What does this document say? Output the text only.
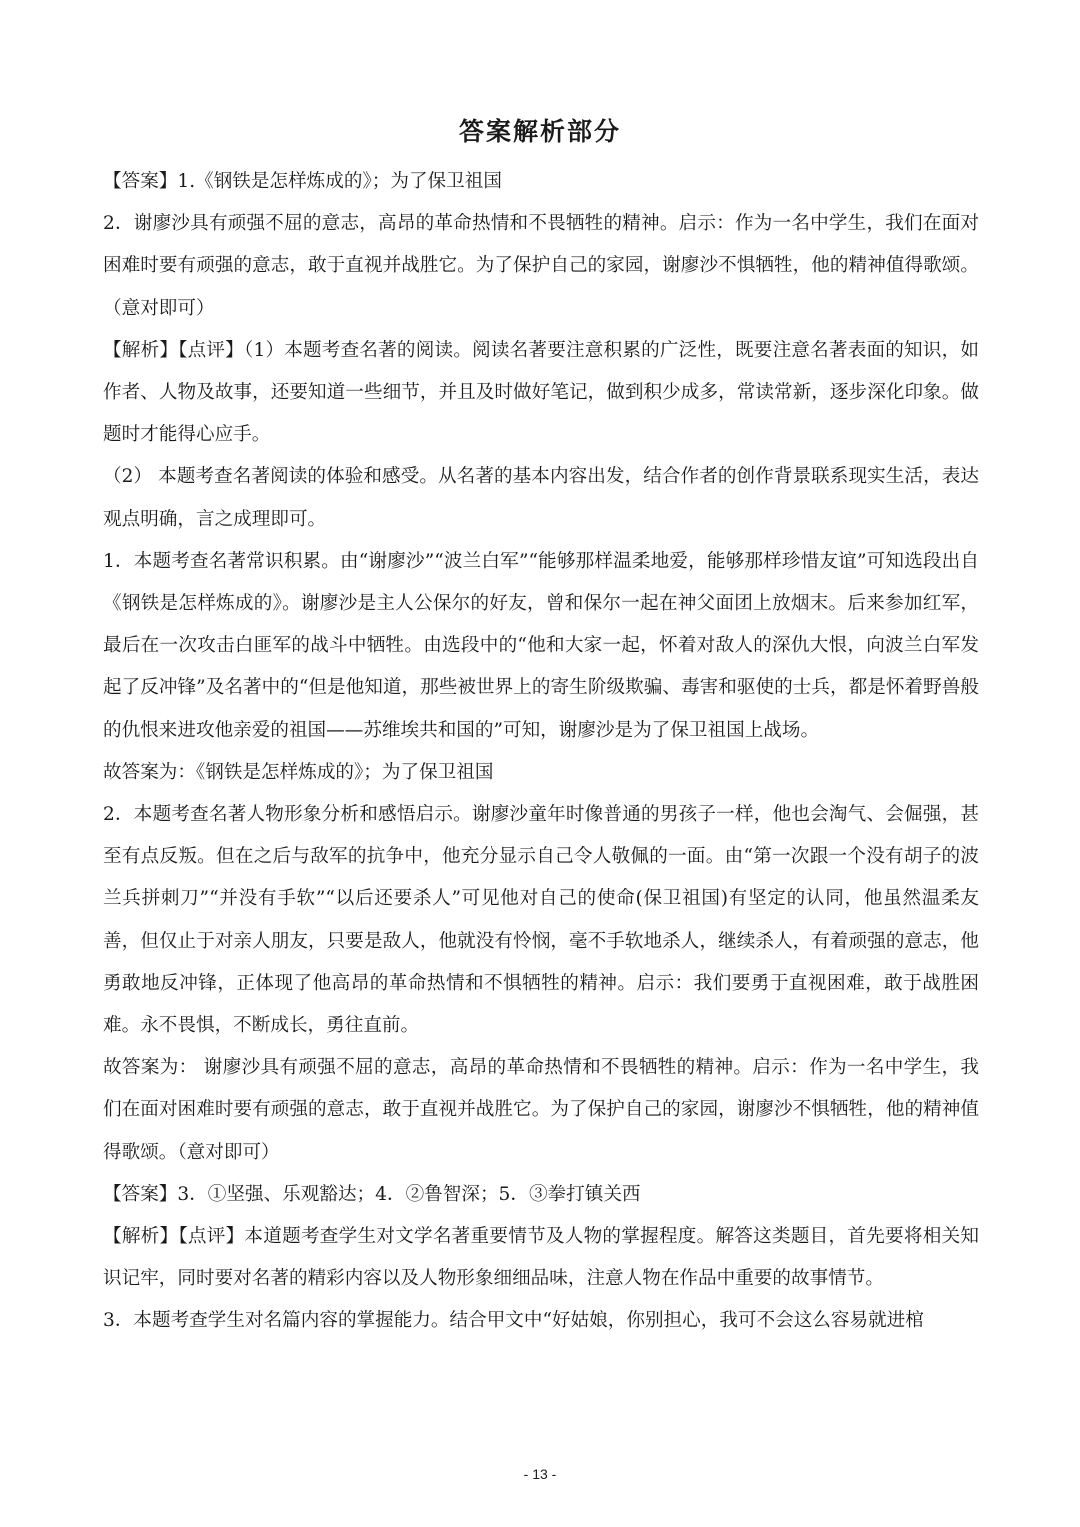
答案解析部分

【答案】1.《钢铁是怎样炼成的》；为了保卫祖国

2．谢廖沙具有顽强不屈的意志，高昂的革命热情和不畏牺牲的精神。启示：作为一名中学生，我们在面对困难时要有顽强的意志，敢于直视并战胜它。为了保护自己的家园，谢廖沙不惧牺牲，他的精神值得歌颂。（意对即可）

【解析】【点评】（1）本题考查名著的阅读。阅读名著要注意积累的广泛性，既要注意名著表面的知识，如作者、人物及故事，还要知道一些细节，并且及时做好笔记，做到积少成多，常读常新，逐步深化印象。做题时才能得心应手。

（2） 本题考查名著阅读的体验和感受。从名著的基本内容出发，结合作者的创作背景联系现实生活，表达观点明确，言之成理即可。

1．本题考查名著常识积累。由“谢廖沙”“波兰白军”“能够那样温柔地爱，能够那样珍惜友谊”可知选段出自《钢铁是怎样炼成的》。谢廖沙是主人公保尔的好友，曾和保尔一起在神父面团上放烟末。后来参加红军，最后在一次攻击白匪军的战斗中牺牲。由选段中的“他和大家一起，怀着对敌人的深仇大恨，向波兰白军发起了反冲锋”及名著中的“但是他知道，那些被世界上的寄生阶级欺骗、毒害和驱使的士兵，都是怀着野兽般的仇恨来进攻他亲爱的祖国——苏维埃共和国的”可知，谢廖沙是为了保卫祖国上战场。

故答案为：《钢铁是怎样炼成的》；为了保卫祖国

2．本题考查名著人物形象分析和感悟启示。谢廖沙童年时像普通的男孩子一样，他也会淘气、会倔强，甚至有点反叛。但在之后与敌军的抗争中，他充分显示自己令人敬佩的一面。由“第一次跟一个没有胡子的波兰兵拼刺刀”“并没有手软”“以后还要杀人”可见他对自己的使命(保卫祖国)有坚定的认同，他虽然温柔友善，但仅止于对亲人朋友，只要是敌人，他就没有怜悯，毫不手软地杀人，继续杀人，有着顽强的意志，他勇敢地反冲锋，正体现了他高昂的革命热情和不惧牺牲的精神。启示：我们要勇于直视困难，敢于战胜困难。永不畏惧，不断成长，勇往直前。

故答案为： 谢廖沙具有顽强不屈的意志，高昂的革命热情和不畏牺牲的精神。启示：作为一名中学生，我们在面对困难时要有顽强的意志，敢于直视并战胜它。为了保护自己的家园，谢廖沙不惧牺牲，他的精神值得歌颂。（意对即可）

【答案】3．①坚强、乐观豁达；4．②鲁智深；5．③拳打镇关西

【解析】【点评】本道题考查学生对文学名著重要情节及人物的掌握程度。解答这类题目，首先要将相关知识记牢，同时要对名著的精彩内容以及人物形象细细品味，注意人物在作品中重要的故事情节。

3．本题考查学生对名篇内容的掌握能力。结合甲文中“好姑娘，你别担心，我可不会这么容易就进棺

- 13 -
